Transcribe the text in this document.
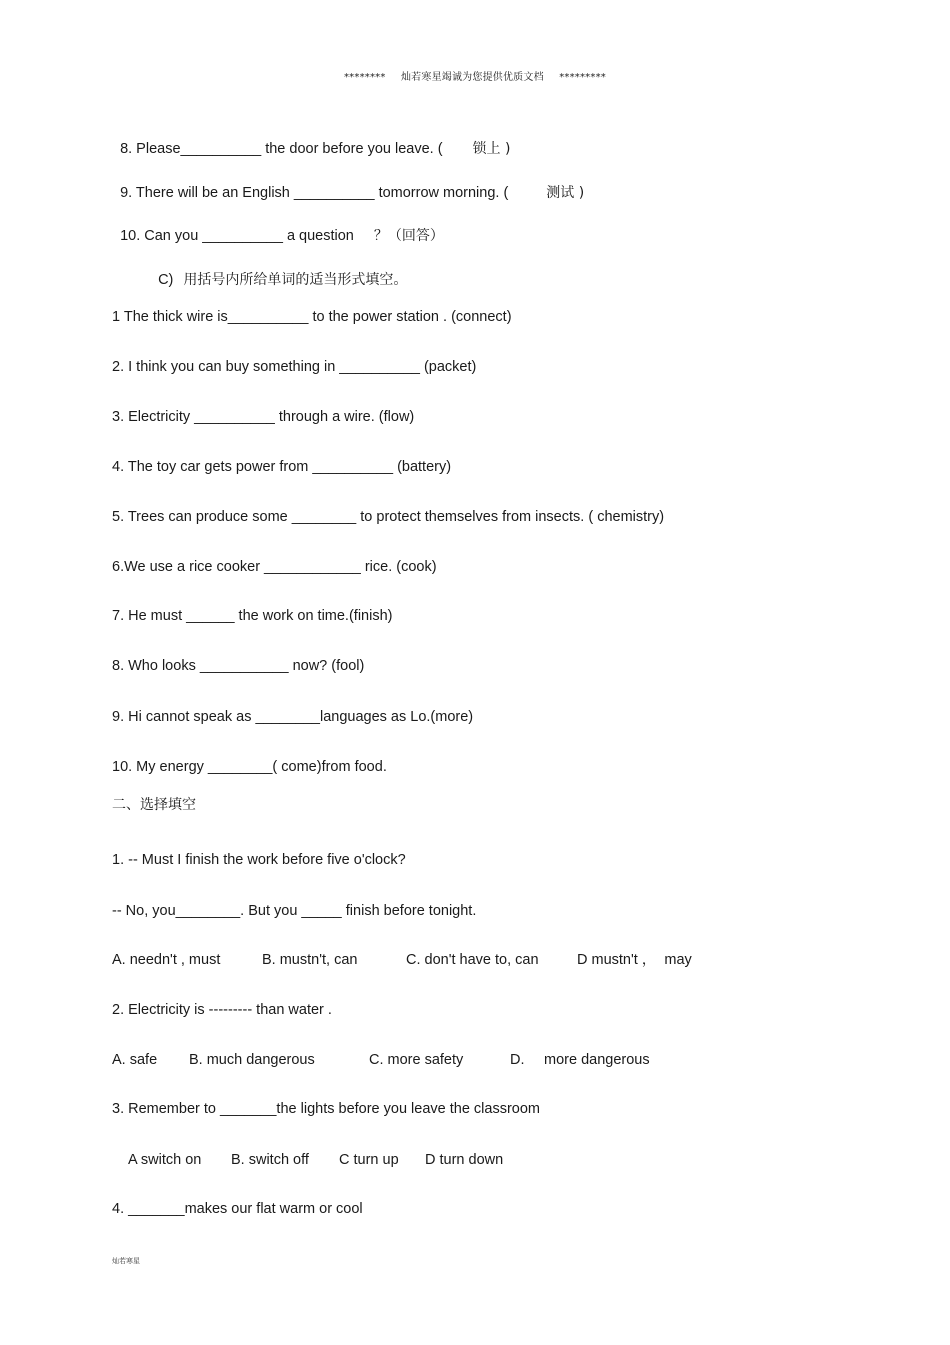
******** 灿若寒星竭诚为您提供优质文档 *********

8. Please__________ the door before you leave. ( 锁上 )

9. There will be an English __________ tomorrow morning. (	测试 )

10. Can you __________ a question ？（回答）

C) 用括号内所给单词的适当形式填空。

1 The thick wire is__________ to the power station . (connect)
2. I think you can buy something in __________ (packet)
3. Electricity __________ through a wire. (flow)
4. The toy car gets power from __________ (battery)
5. Trees can produce some ________ to protect themselves from insects. ( chemistry)
6.We use a rice cooker ____________ rice. (cook)
7. He must ______ the work on time.(finish)
8. Who looks ___________ now? (fool)
9. Hi cannot speak as ________languages as Lo.(more)
10. My energy ________( come)from food.
二、选择填空
1. -- Must I finish the work before five o'clock?
-- No, you________. But you _____ finish before tonight.
A. needn't , must	B. mustn't, can	C. don't have to, can	D mustn't ，  may
2. Electricity is --------- than water .
A. safe B. much dangerous	C. more safety	D. more dangerous
3. Remember to _______the lights before you leave the classroom
A switch on B. switch off C turn up D turn down
4. _______makes our flat warm or cool
灿若寒星
